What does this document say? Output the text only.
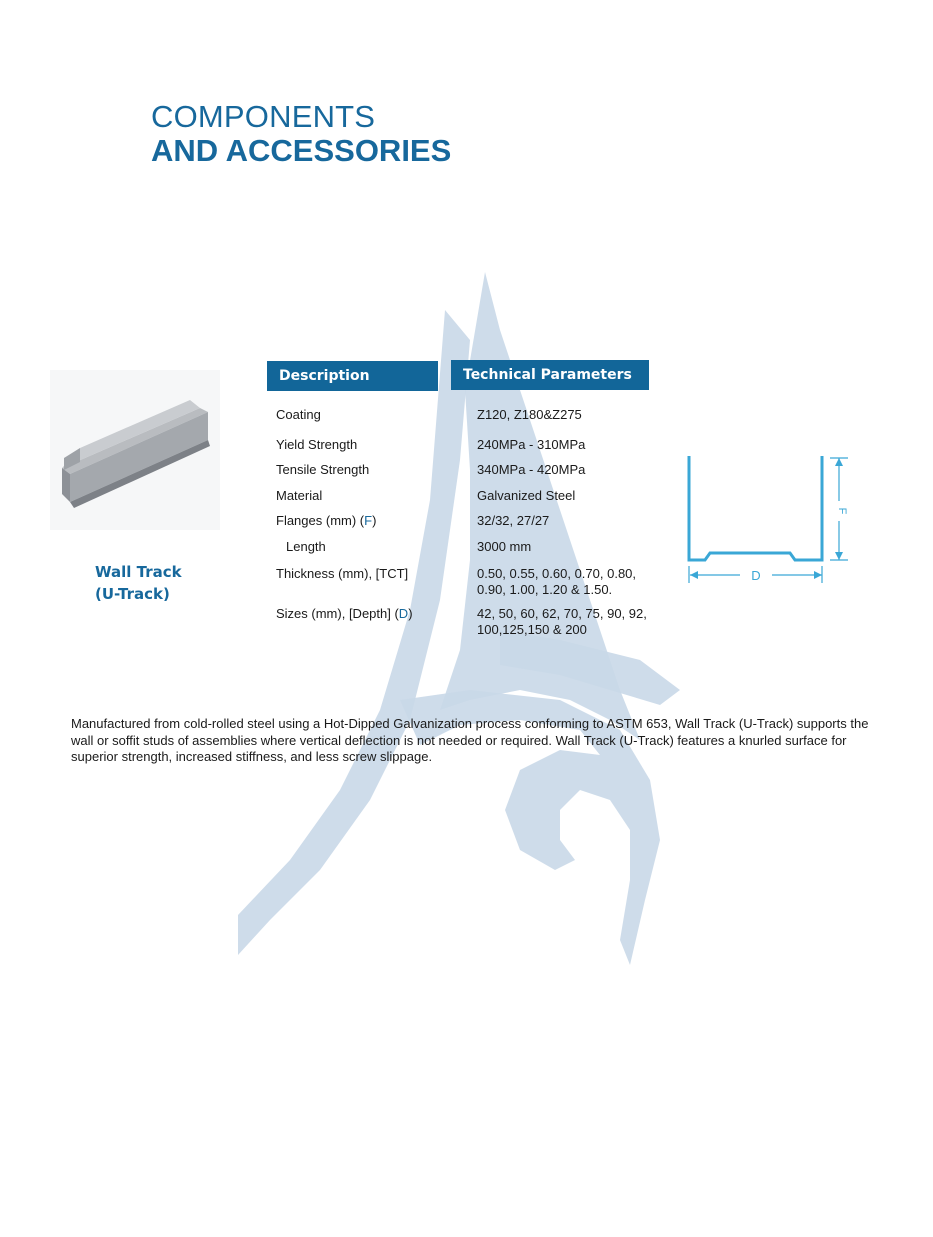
COMPONENTS
AND ACCESSORIES
Wall Track
(U-Track)
Description	Technical Parameters
Coating	Z120, Z180&Z275
Yield Strength	240MPa - 310MPa
Tensile Strength	340MPa - 420MPa
Material	Galvanized Steel
Flanges (mm) (F)	32/32, 27/27
Length	3000 mm
Thickness (mm), [TCT]	0.50, 0.55, 0.60, 0.70, 0.80, 0.90, 1.00, 1.20 & 1.50.
Sizes (mm), [Depth] (D)	42, 50, 60, 62, 70, 75, 90, 92, 100,125,150 & 200
F
D
Manufactured from cold-rolled steel using a Hot-Dipped Galvanization process conforming to ASTM 653, Wall Track (U-Track) supports the wall or soffit studs of assemblies where vertical deflection is not needed or required. Wall Track (U-Track) features a knurled surface for superior strength, increased stiffness, and less screw slippage.
